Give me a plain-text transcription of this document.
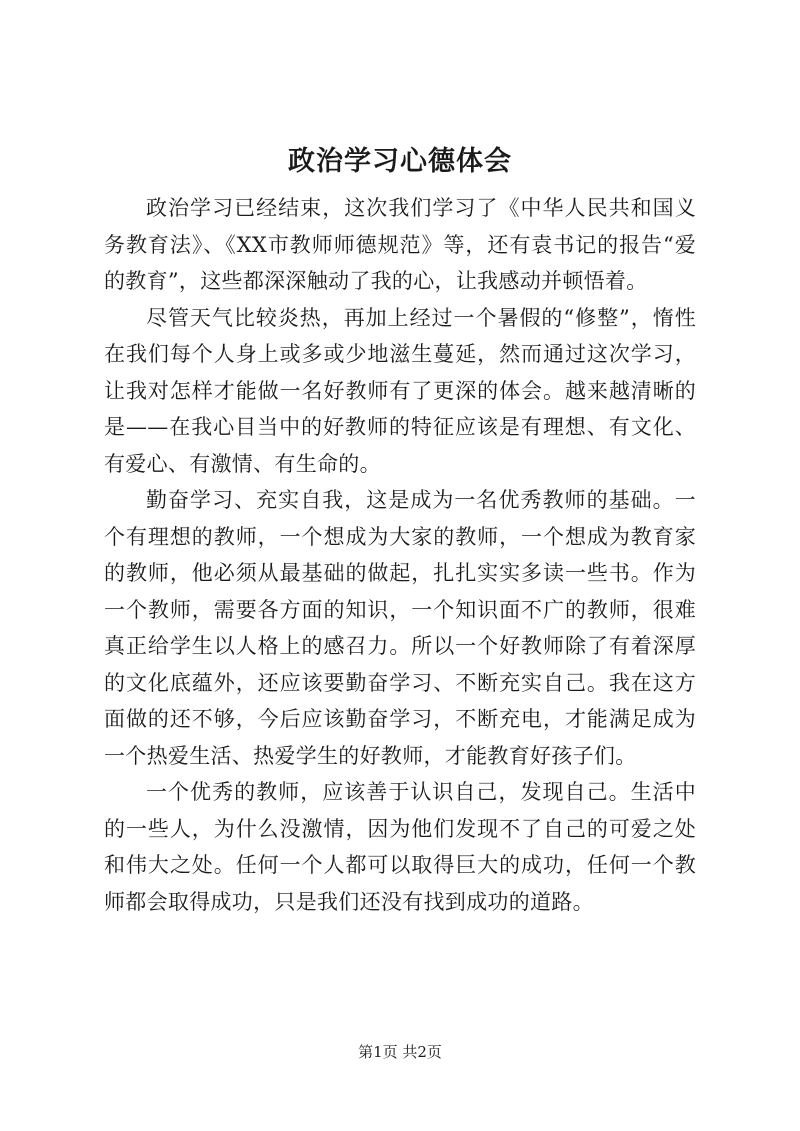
政治学习心德体会

政治学习已经结束，这次我们学习了《中华人民共和国义务教育法》、《XX市教师师德规范》等，还有袁书记的报告“爱的教育”，这些都深深触动了我的心，让我感动并顿悟着。

尽管天气比较炎热，再加上经过一个暑假的“修整”，惰性在我们每个人身上或多或少地滋生蔓延，然而通过这次学习，让我对怎样才能做一名好教师有了更深的体会。越来越清晰的是——在我心目当中的好教师的特征应该是有理想、有文化、有爱心、有激情、有生命的。

勤奋学习、充实自我，这是成为一名优秀教师的基础。一个有理想的教师，一个想成为大家的教师，一个想成为教育家的教师，他必须从最基础的做起，扎扎实实多读一些书。作为一个教师，需要各方面的知识，一个知识面不广的教师，很难真正给学生以人格上的感召力。所以一个好教师除了有着深厚的文化底蕴外，还应该要勤奋学习、不断充实自己。我在这方面做的还不够，今后应该勤奋学习，不断充电，才能满足成为一个热爱生活、热爱学生的好教师，才能教育好孩子们。

一个优秀的教师，应该善于认识自己，发现自己。生活中的一些人，为什么没激情，因为他们发现不了自己的可爱之处和伟大之处。任何一个人都可以取得巨大的成功，任何一个教师都会取得成功，只是我们还没有找到成功的道路。

第1页 共2页
